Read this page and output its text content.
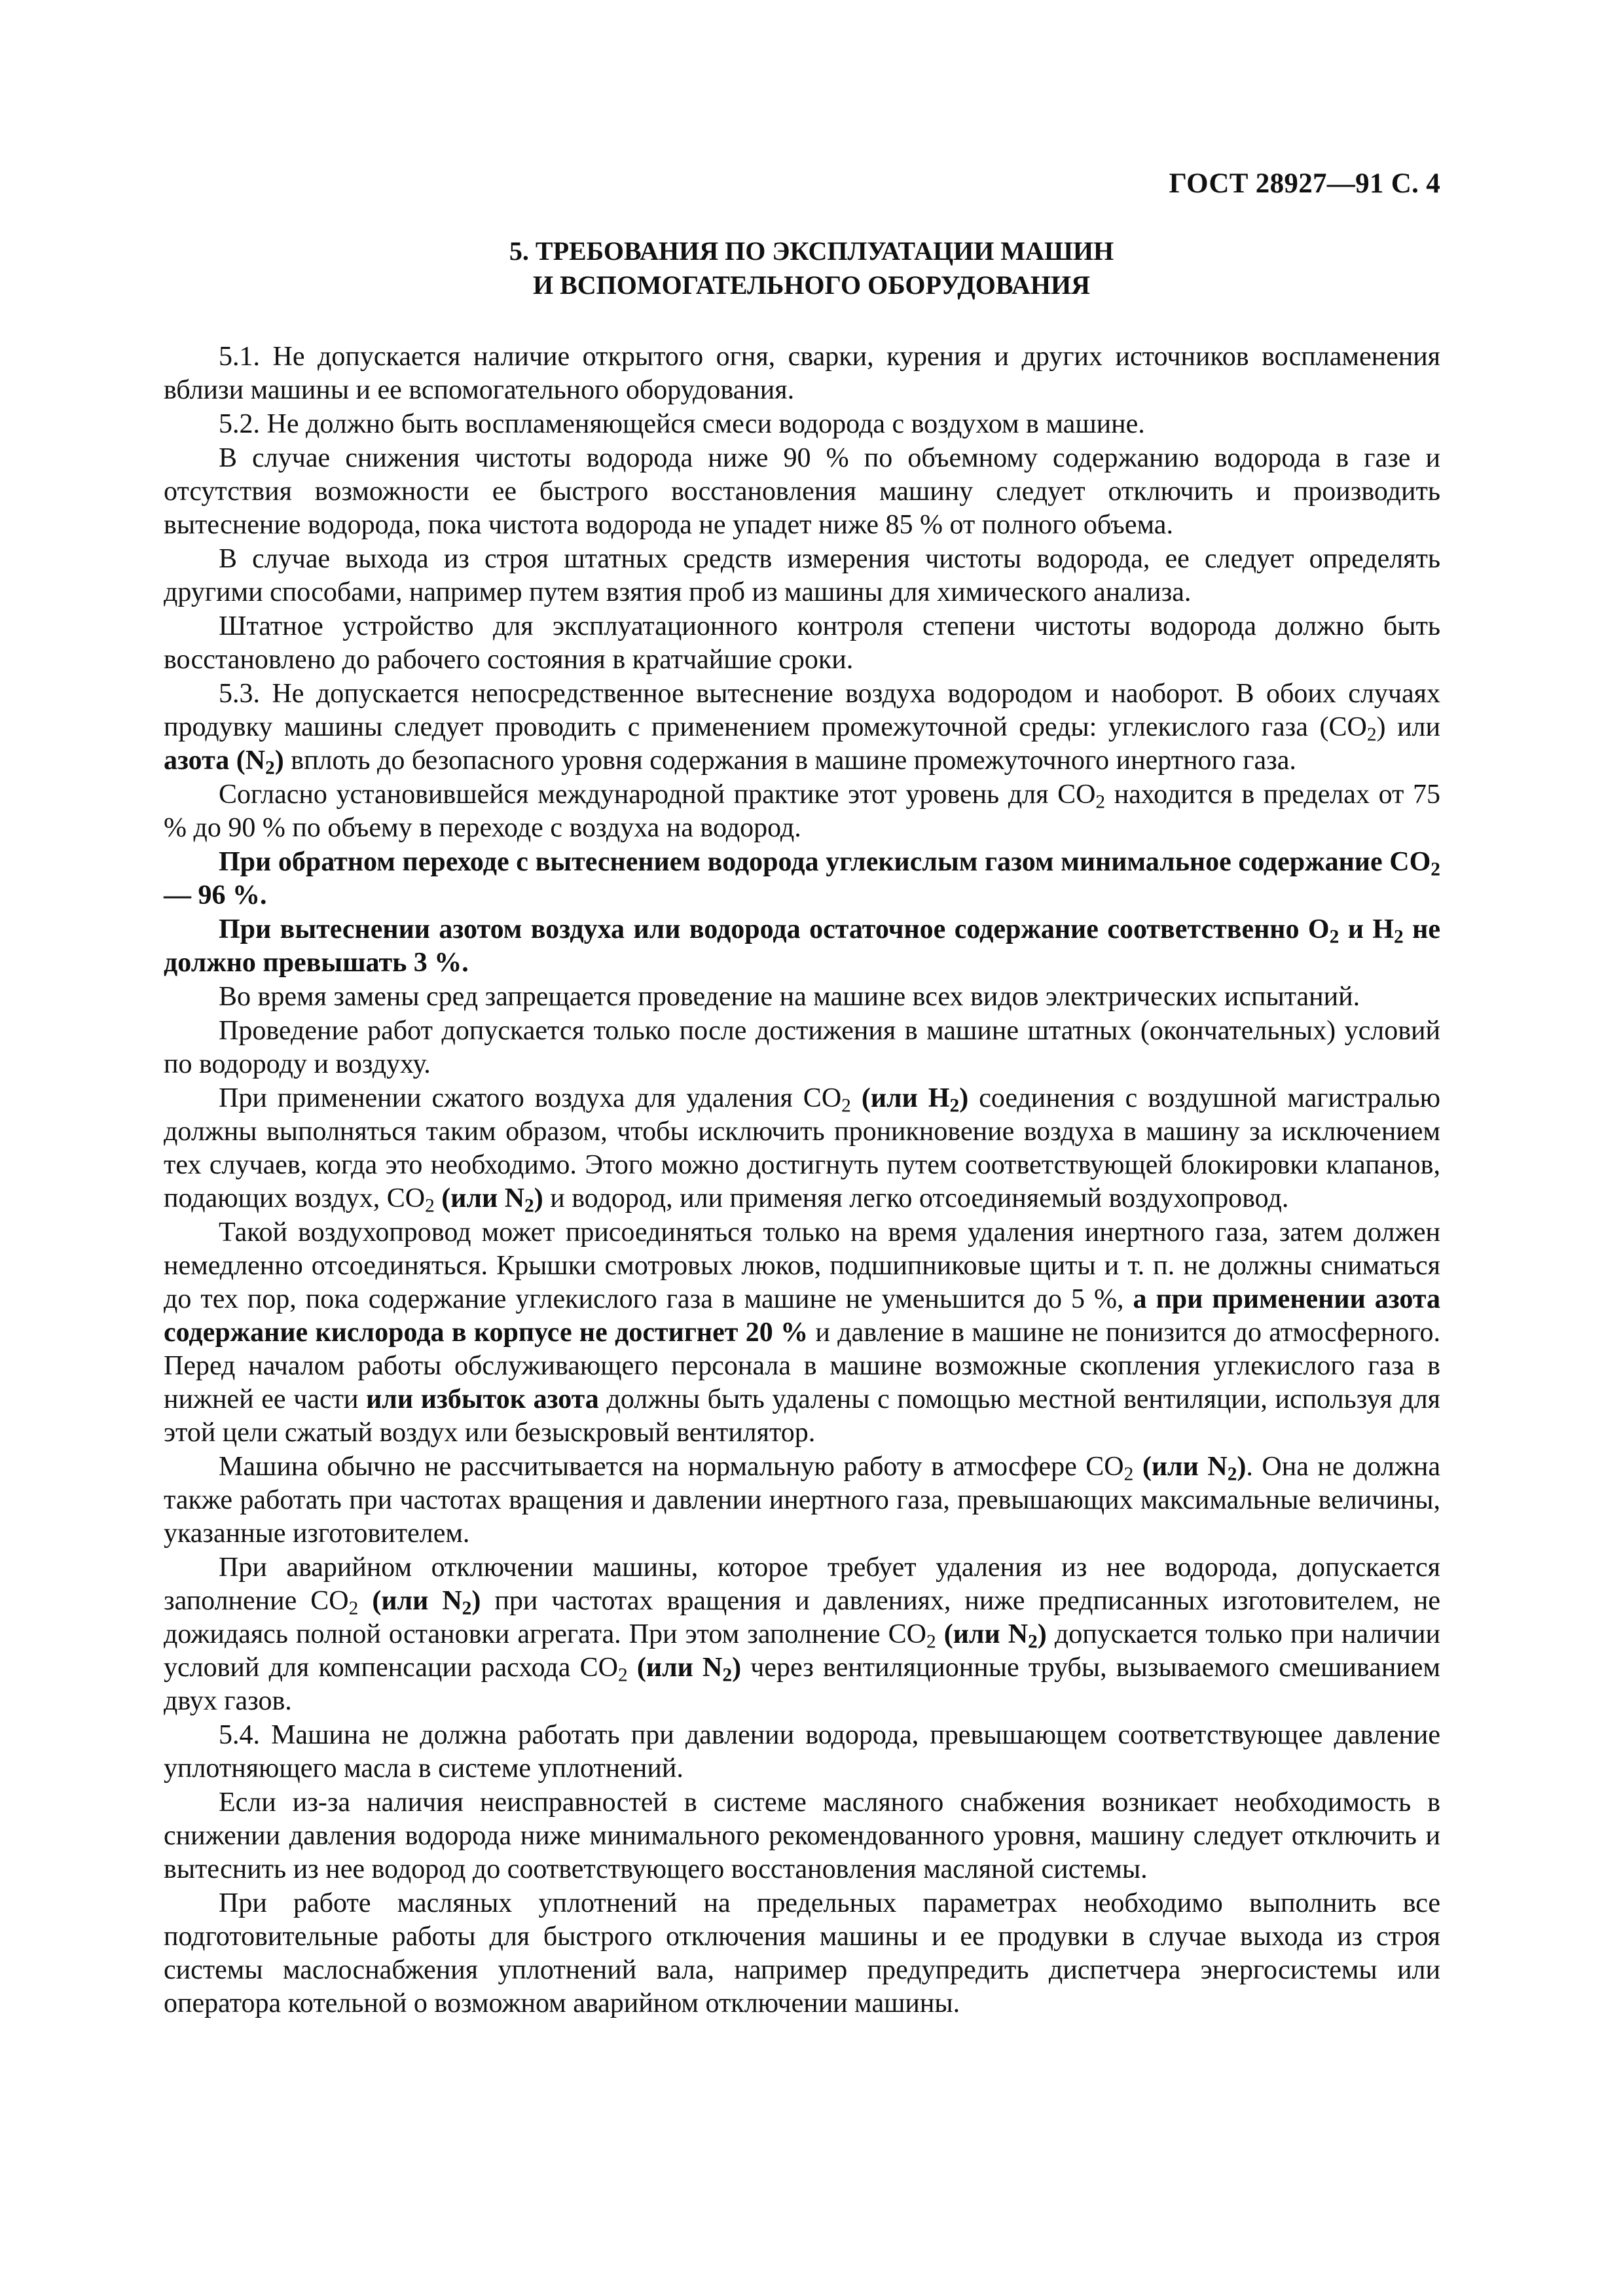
ГОСТ 28927—91 С. 4
5. ТРЕБОВАНИЯ ПО ЭКСПЛУАТАЦИИ МАШИН
И ВСПОМОГАТЕЛЬНОГО ОБОРУДОВАНИЯ

5.1. Не допускается наличие открытого огня, сварки, курения и других источников воспламенения вблизи машины и ее вспомогательного оборудования.

5.2. Не должно быть воспламеняющейся смеси водорода с воздухом в машине.

В случае снижения чистоты водорода ниже 90 % по объемному содержанию водорода в газе и отсутствия возможности ее быстрого восстановления машину следует отключить и производить вытеснение водорода, пока чистота водорода не упадет ниже 85 % от полного объема.

В случае выхода из строя штатных средств измерения чистоты водорода, ее следует определять другими способами, например путем взятия проб из машины для химического анализа.

Штатное устройство для эксплуатационного контроля степени чистоты водорода должно быть восстановлено до рабочего состояния в кратчайшие сроки.

5.3. Не допускается непосредственное вытеснение воздуха водородом и наоборот. В обоих случаях продувку машины следует проводить с применением промежуточной среды: углекислого газа $(CO_2)$ или азота $(N_2)$ вплоть до безопасного уровня содержания в машине промежуточного инертного газа.

Согласно установившейся международной практике этот уровень для $CO_2$ находится в пределах от 75 % до 90 % по объему в переходе с воздуха на водород.

При обратном переходе с вытеснением водорода углекислым газом минимальное содержание $CO_2$ — 96 %.

При вытеснении азотом воздуха или водорода остаточное содержание соответственно $O_2$ и $H_2$ не должно превышать 3 %.

Во время замены сред запрещается проведение на машине всех видов электрических испытаний.

Проведение работ допускается только после достижения в машине штатных (окончательных) условий по водороду и воздуху.

При применении сжатого воздуха для удаления $CO_2$ (или $H_2$) соединения с воздушной магистралью должны выполняться таким образом, чтобы исключить проникновение воздуха в машину за исключением тех случаев, когда это необходимо. Этого можно достигнуть путем соответствующей блокировки клапанов, подающих воздух, $CO_2$ (или $N_2$) и водород, или применяя легко отсоединяемый воздухопровод.

Такой воздухопровод может присоединяться только на время удаления инертного газа, затем должен немедленно отсоединяться. Крышки смотровых люков, подшипниковые щиты и т. п. не должны сниматься до тех пор, пока содержание углекислого газа в машине не уменьшится до 5 %, а при применении азота содержание кислорода в корпусе не достигнет 20 % и давление в машине не понизится до атмосферного. Перед началом работы обслуживающего персонала в машине возможные скопления углекислого газа в нижней ее части или избыток азота должны быть удалены с помощью местной вентиляции, используя для этой цели сжатый воздух или безыскровый вентилятор.

Машина обычно не рассчитывается на нормальную работу в атмосфере $CO_2$ (или $N_2$). Она не должна также работать при частотах вращения и давлении инертного газа, превышающих максимальные величины, указанные изготовителем.

При аварийном отключении машины, которое требует удаления из нее водорода, допускается заполнение $CO_2$ (или $N_2$) при частотах вращения и давлениях, ниже предписанных изготовителем, не дожидаясь полной остановки агрегата. При этом заполнение $CO_2$ (или $N_2$) допускается только при наличии условий для компенсации расхода $CO_2$ (или $N_2$) через вентиляционные трубы, вызываемого смешиванием двух газов.

5.4. Машина не должна работать при давлении водорода, превышающем соответствующее давление уплотняющего масла в системе уплотнений.

Если из-за наличия неисправностей в системе масляного снабжения возникает необходимость в снижении давления водорода ниже минимального рекомендованного уровня, машину следует отключить и вытеснить из нее водород до соответствующего восстановления масляной системы.

При работе масляных уплотнений на предельных параметрах необходимо выполнить все подготовительные работы для быстрого отключения машины и ее продувки в случае выхода из строя системы маслоснабжения уплотнений вала, например предупредить диспетчера энергосистемы или оператора котельной о возможном аварийном отключении машины.
